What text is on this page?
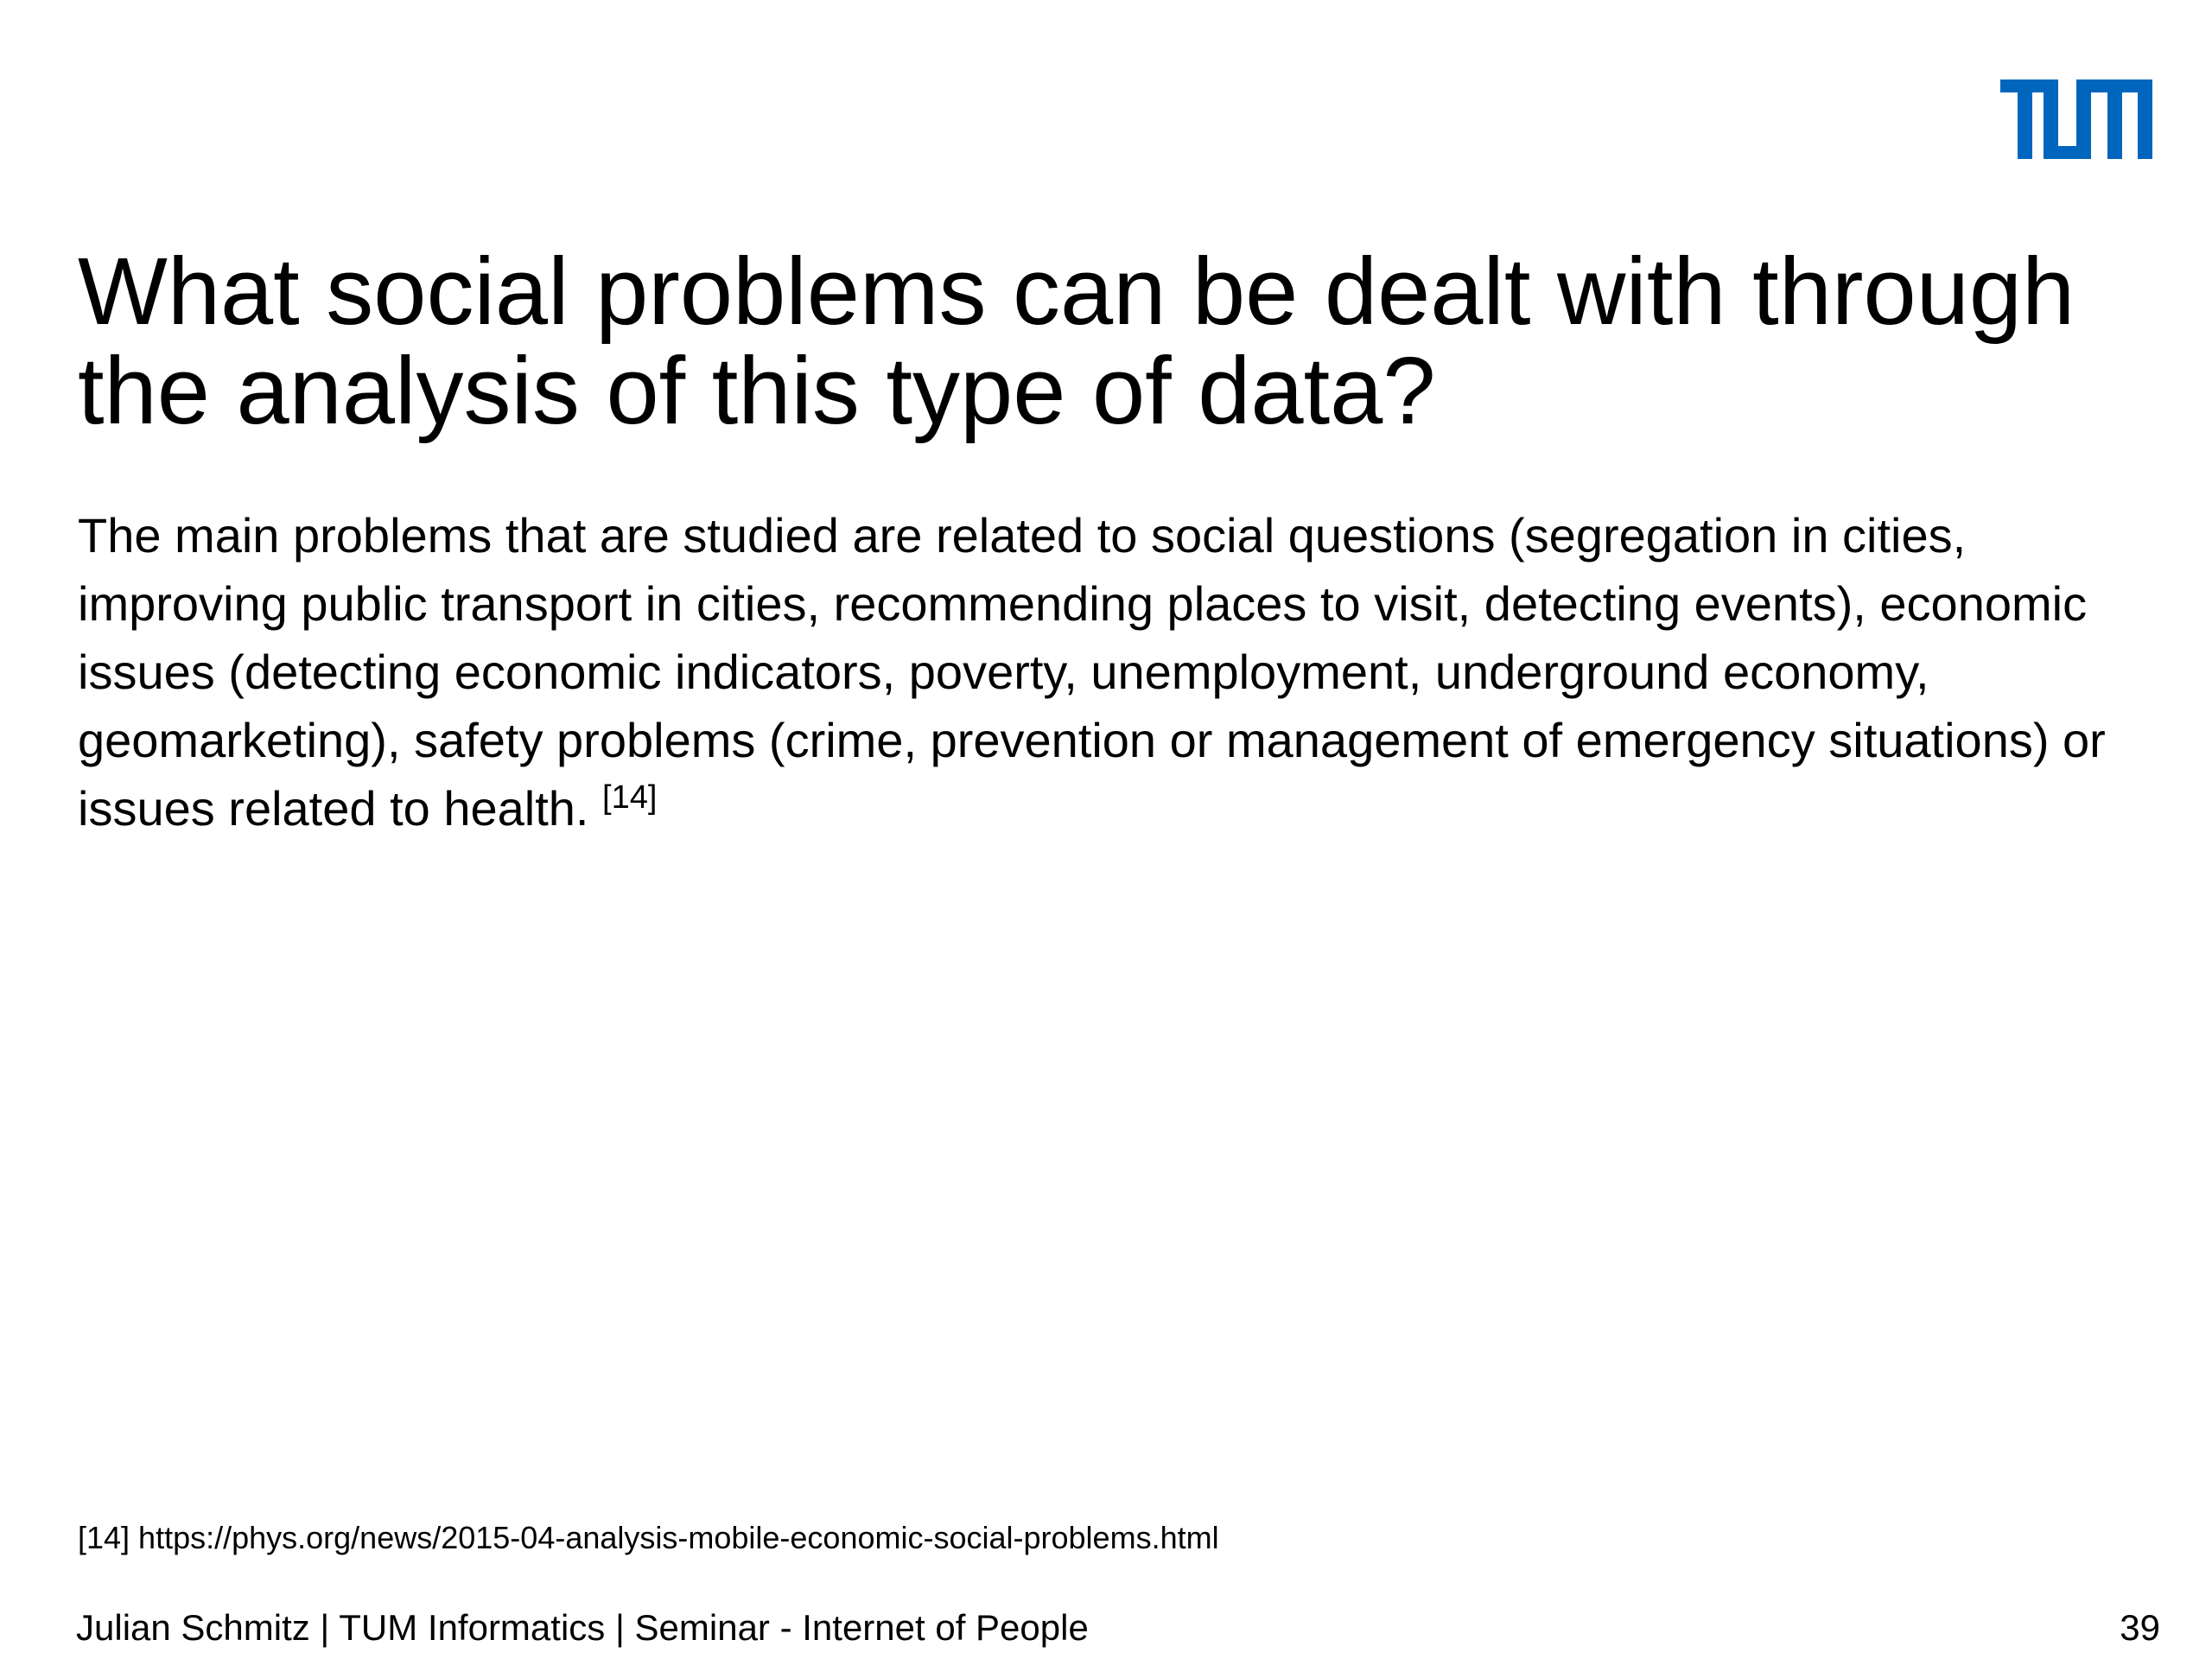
What social problems can be dealt with through the analysis of this type of data?

The main problems that are studied are related to social questions (segregation in cities, improving public transport in cities, recommending places to visit, detecting events), economic issues (detecting economic indicators, poverty, unemployment, underground economy, geomarketing), safety problems (crime, prevention or management of emergency situations) or issues related to health. [14]

[14] https://phys.org/news/2015-04-analysis-mobile-economic-social-problems.html

Julian Schmitz | TUM Informatics | Seminar - Internet of People	39
